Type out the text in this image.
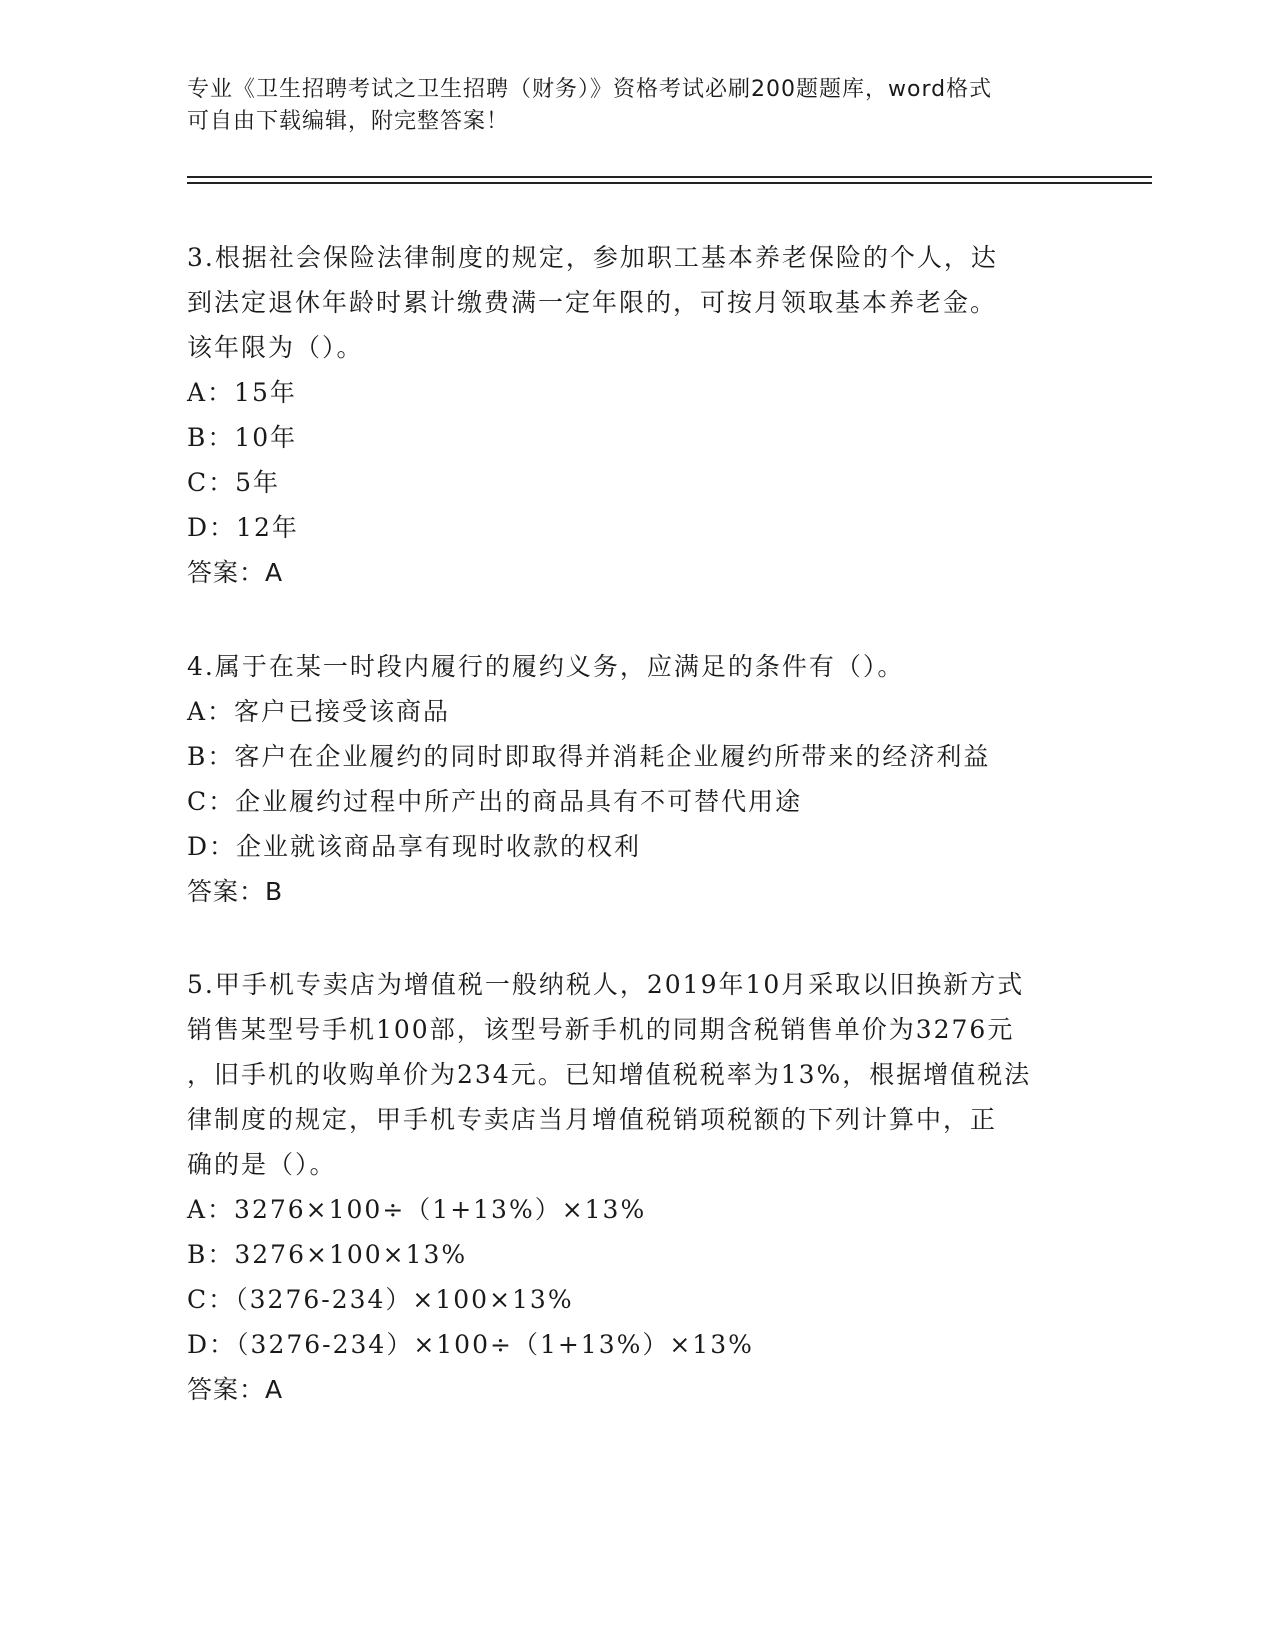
专业《卫生招聘考试之卫生招聘（财务）》资格考试必刷200题题库，word格式
可自由下载编辑，附完整答案！

3.根据社会保险法律制度的规定，参加职工基本养老保险的个人，达

到法定退休年龄时累计缴费满一定年限的，可按月领取基本养老金。

该年限为（）。

A：15年

B：10年

C：5年

D：12年

答案：A

4.属于在某一时段内履行的履约义务，应满足的条件有（）。

A：客户已接受该商品

B：客户在企业履约的同时即取得并消耗企业履约所带来的经济利益

C：企业履约过程中所产出的商品具有不可替代用途

D：企业就该商品享有现时收款的权利

答案：B

5.甲手机专卖店为增值税一般纳税人，2019年10月采取以旧换新方式

销售某型号手机100部，该型号新手机的同期含税销售单价为3276元

，旧手机的收购单价为234元。已知增值税税率为13%，根据增值税法

律制度的规定，甲手机专卖店当月增值税销项税额的下列计算中，正

确的是（）。

A：3276×100÷（1+13%）×13%

B：3276×100×13%

C：（3276-234）×100×13%

D：（3276-234）×100÷（1+13%）×13%

答案：A
